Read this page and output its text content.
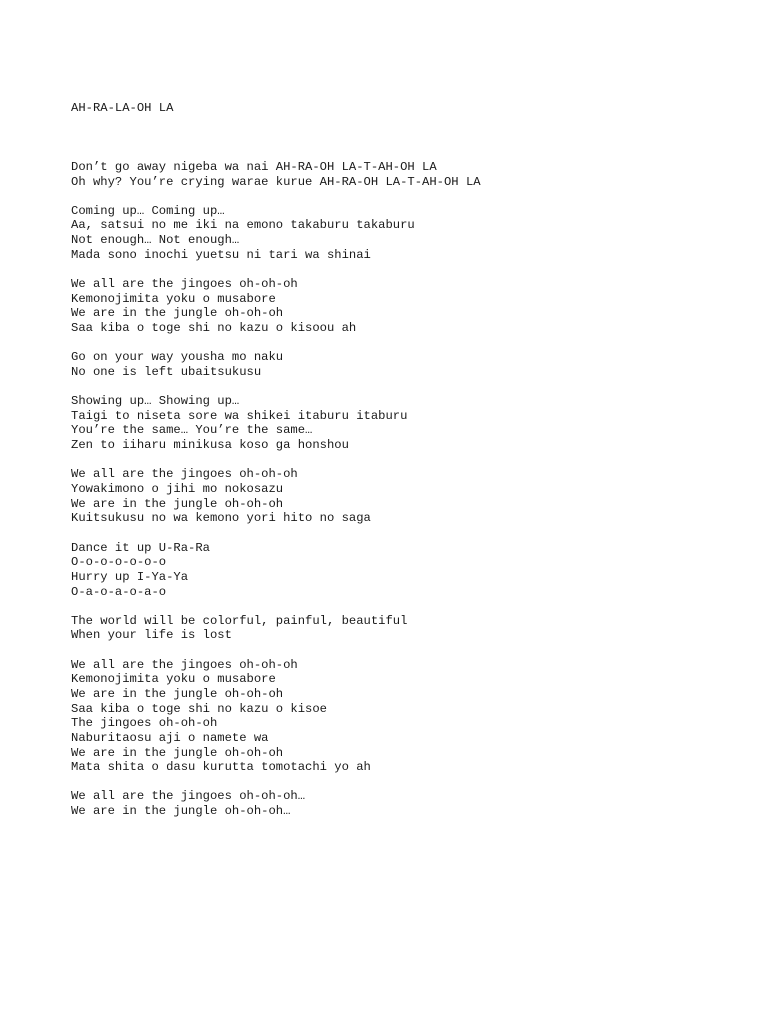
AH-RA-LA-OH LA

Don’t go away nigeba wa nai AH-RA-OH LA-T-AH-OH LA
Oh why? You’re crying warae kurue AH-RA-OH LA-T-AH-OH LA
Coming up… Coming up…
Aa, satsui no me iki na emono takaburu takaburu
Not enough… Not enough…
Mada sono inochi yuetsu ni tari wa shinai
We all are the jingoes oh-oh-oh
Kemonojimita yoku o musabore
We are in the jungle oh-oh-oh
Saa kiba o toge shi no kazu o kisoou ah
Go on your way yousha mo naku
No one is left ubaitsukusu
Showing up… Showing up…
Taigi to niseta sore wa shikei itaburu itaburu
You’re the same… You’re the same…
Zen to iiharu minikusa koso ga honshou
We all are the jingoes oh-oh-oh
Yowakimono o jihi mo nokosazu
We are in the jungle oh-oh-oh
Kuitsukusu no wa kemono yori hito no saga
Dance it up U-Ra-Ra
O-o-o-o-o-o-o
Hurry up I-Ya-Ya
O-a-o-a-o-a-o
The world will be colorful, painful, beautiful
When your life is lost
We all are the jingoes oh-oh-oh
Kemonojimita yoku o musabore
We are in the jungle oh-oh-oh
Saa kiba o toge shi no kazu o kisoe
The jingoes oh-oh-oh
Naburitaosu aji o namete wa
We are in the jungle oh-oh-oh
Mata shita o dasu kurutta tomotachi yo ah
We all are the jingoes oh-oh-oh…
We are in the jungle oh-oh-oh…
